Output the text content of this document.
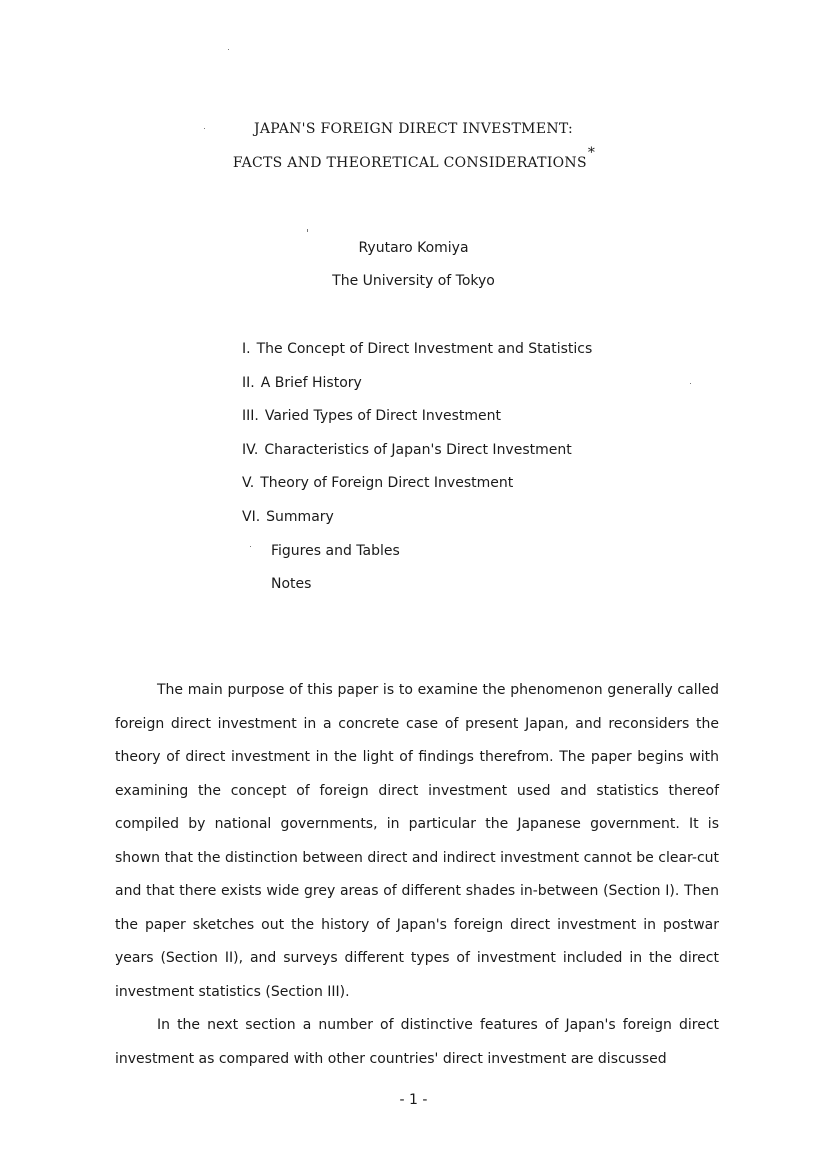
JAPAN'S FOREIGN DIRECT INVESTMENT:
FACTS AND THEORETICAL CONSIDERATIONS*
Ryutaro Komiya
The University of Tokyo
I. The Concept of Direct Investment and Statistics
II. A Brief History
III. Varied Types of Direct Investment
IV. Characteristics of Japan's Direct Investment
V. Theory of Foreign Direct Investment
VI. Summary
Figures and Tables
Notes

The main purpose of this paper is to examine the phenomenon generally called foreign direct investment in a concrete case of present Japan, and reconsiders the theory of direct investment in the light of findings therefrom. The paper begins with examining the concept of foreign direct investment used and statistics thereof compiled by national governments, in particular the Japanese government. It is shown that the distinction between direct and indirect investment cannot be clear-cut and that there exists wide grey areas of different shades in-between (Section I). Then the paper sketches out the history of Japan's foreign direct investment in postwar years (Section II), and surveys different types of investment included in the direct investment statistics (Section III).

In the next section a number of distinctive features of Japan's foreign direct investment as compared with other countries' direct investment are discussed

- 1 -
